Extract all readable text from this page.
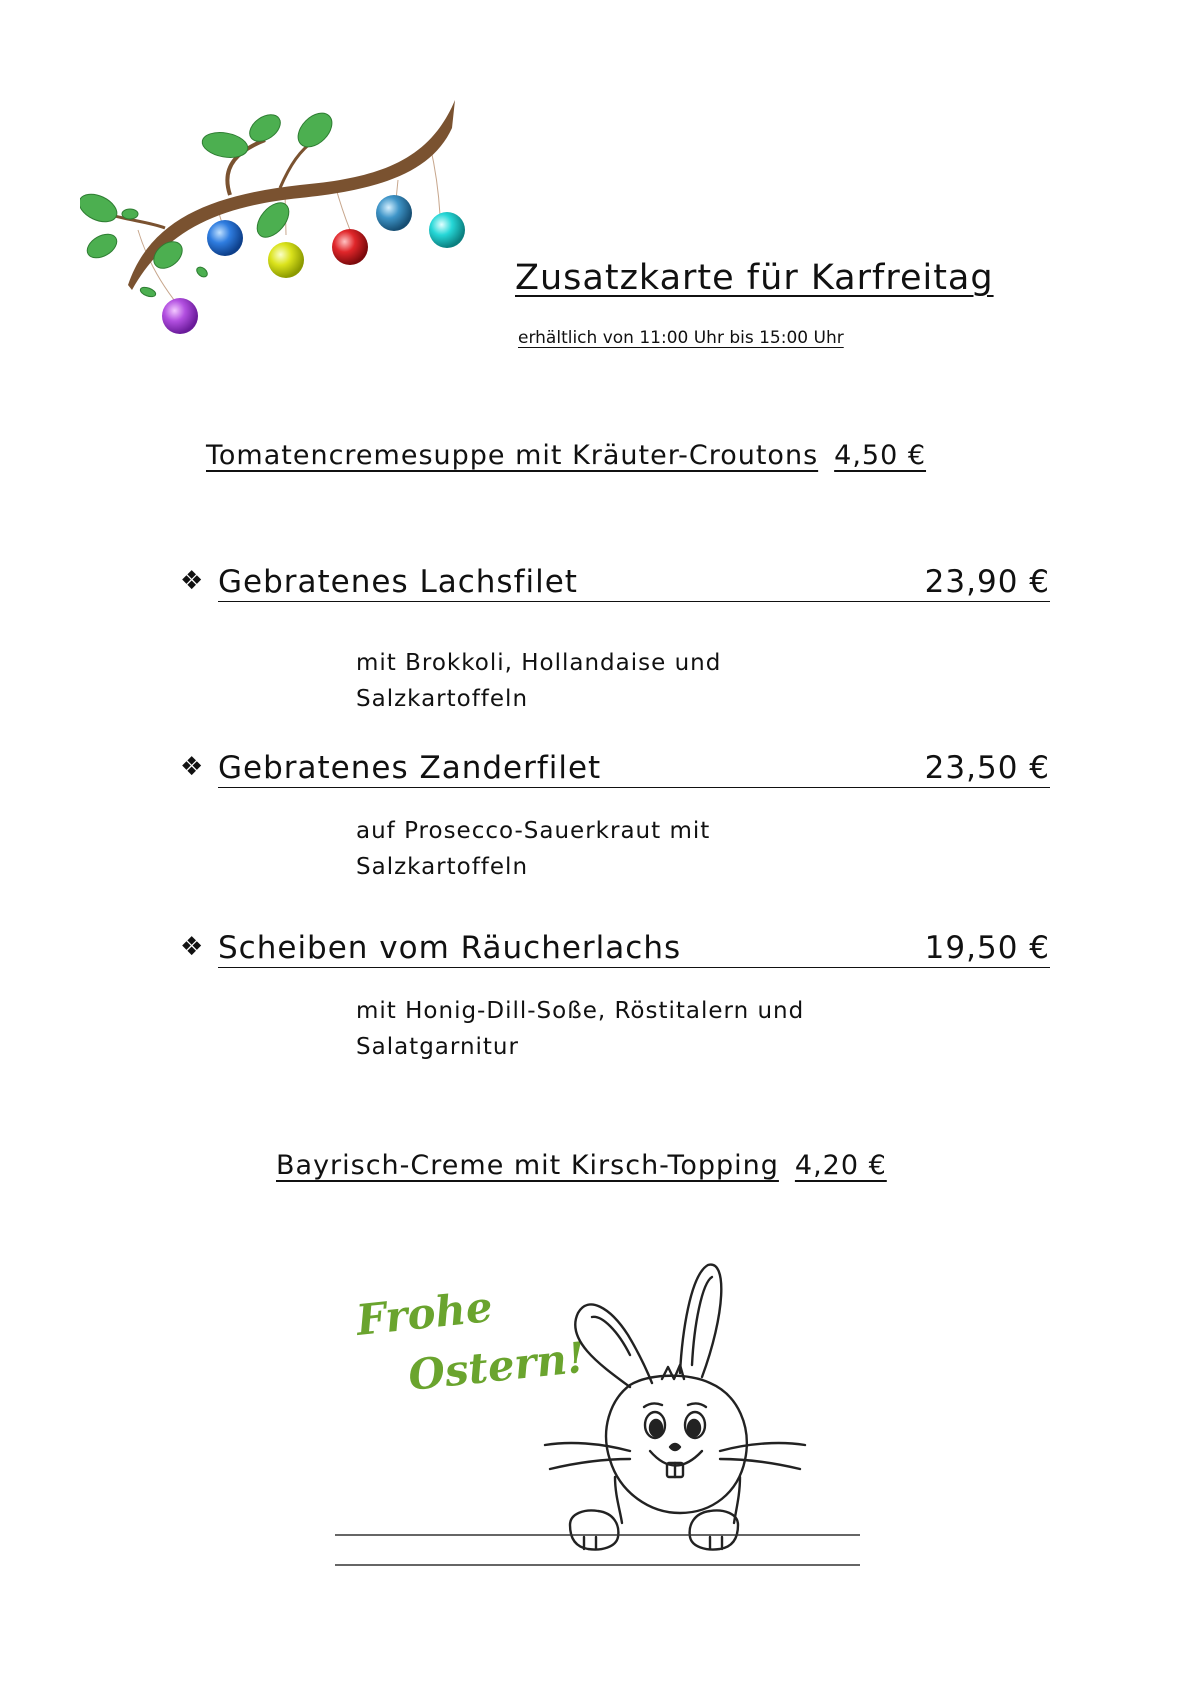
Zusatzkarte für Karfreitag
erhältlich von 11:00 Uhr bis 15:00 Uhr
Tomatencremesuppe mit Kräuter-Croutons 4,50 €
❖ Gebratenes Lachsfilet	23,90 €
mit Brokkoli, Hollandaise und
Salzkartoffeln
❖ Gebratenes Zanderfilet	23,50 €
auf Prosecco-Sauerkraut mit
Salzkartoffeln
❖ Scheiben vom Räucherlachs	19,50 €
mit Honig-Dill-Soße, Röstitalern und
Salatgarnitur
Bayrisch-Creme mit Kirsch-Topping 4,20 €
Frohe
Ostern!
